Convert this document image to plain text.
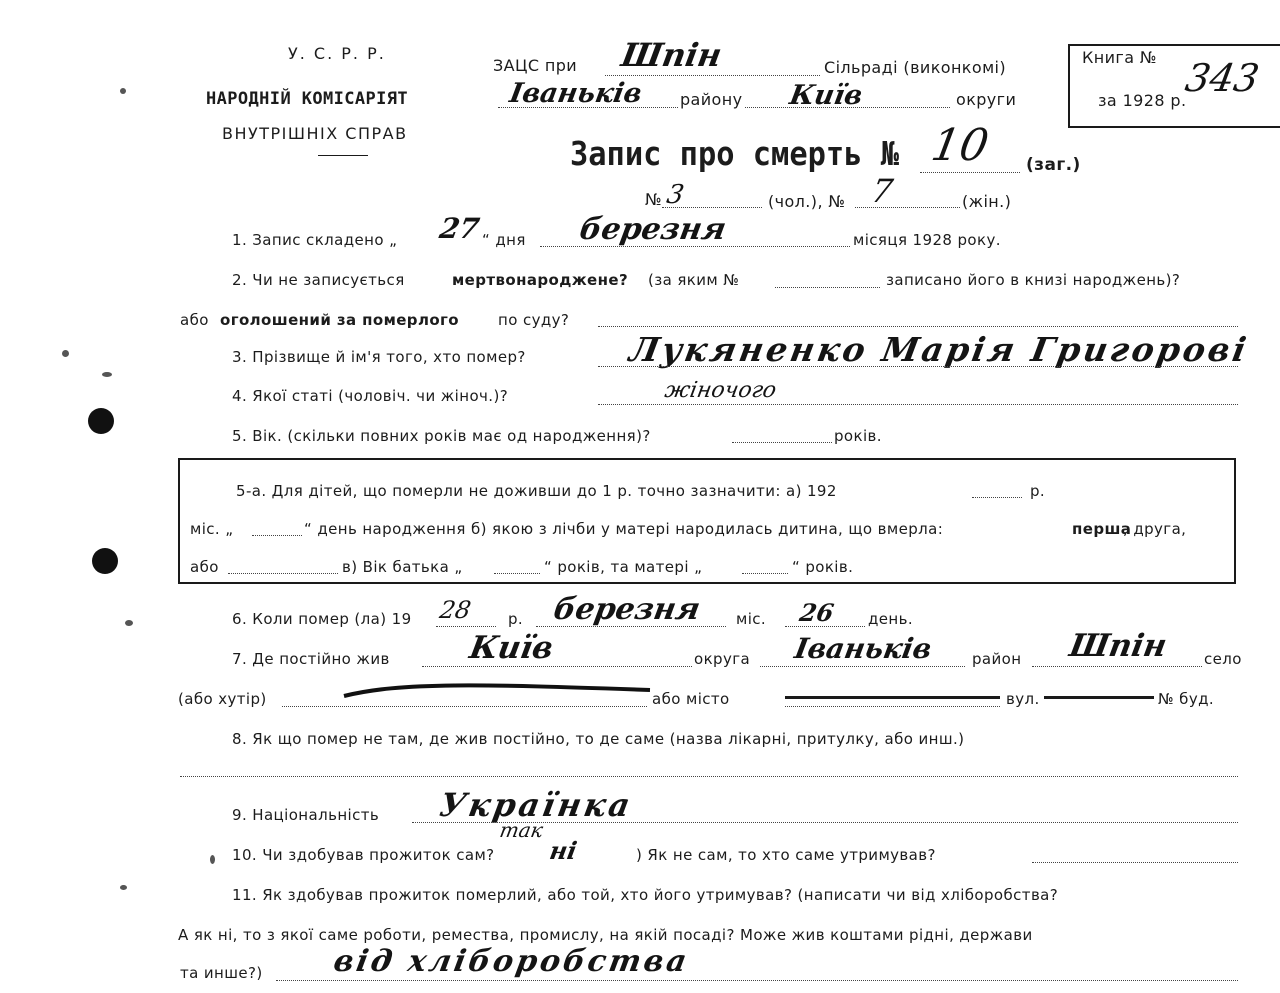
У. С. Р. Р.
НАРОДНІЙ КОМІСАРІЯТ
ВНУТРІШНІХ СПРАВ
ЗАЦС при Шпін	Сільраді (виконкомі)
Іваньків району Київ	округи
Книга №
за 1928 р.
343
Запис про смерть № 10 (заг.)
№ 3	(чол.), № 7	(жін.)
1. Запис складено „ 27 “ дня березня	місяця 1928 року.
2. Чи не записується	мертвонароджене? (за яким №	записано його в книзі народжень)?
або оголошений за померлого	по суду?
3. Прізвище й ім'я того, хто помер?	Лукяненко Марія Григорові
4. Якої статі (чоловіч. чи жіноч.)?	жіночого
5. Вік. (скільки повних років має од народження)?	років.
5-а. Для дітей, що померли не доживши до 1 р. точно зазначити: а) 192	р.
міс. „	“ день народження б) якою з лічби у матері народилась дитина, що вмерла:	перша
, друга,
або	в) Вік батька „	“ років, та матері „	“ років.
6. Коли помер (ла) 19 28 р. березня міс. 26 день.
7. Де постійно жив Київ	округа Іваньків	район Шпін село
(або хутір)	або місто	вул.	№ буд.
8. Як що помер не там, де жив постійно, то де саме (назва лікарні, притулку, або инш.)
9. Національність Українка
10. Чи здобував прожиток сам?
так
ні	) Як не сам, то хто саме утримував?
11. Як здобував прожиток померлий, або той, хто його утримував? (написати чи від хліборобства?
А як ні, то з якої саме роботи, ремества, промислу, на якій посаді? Може жив коштами рідні, держави
та инше?) від хліборобства
